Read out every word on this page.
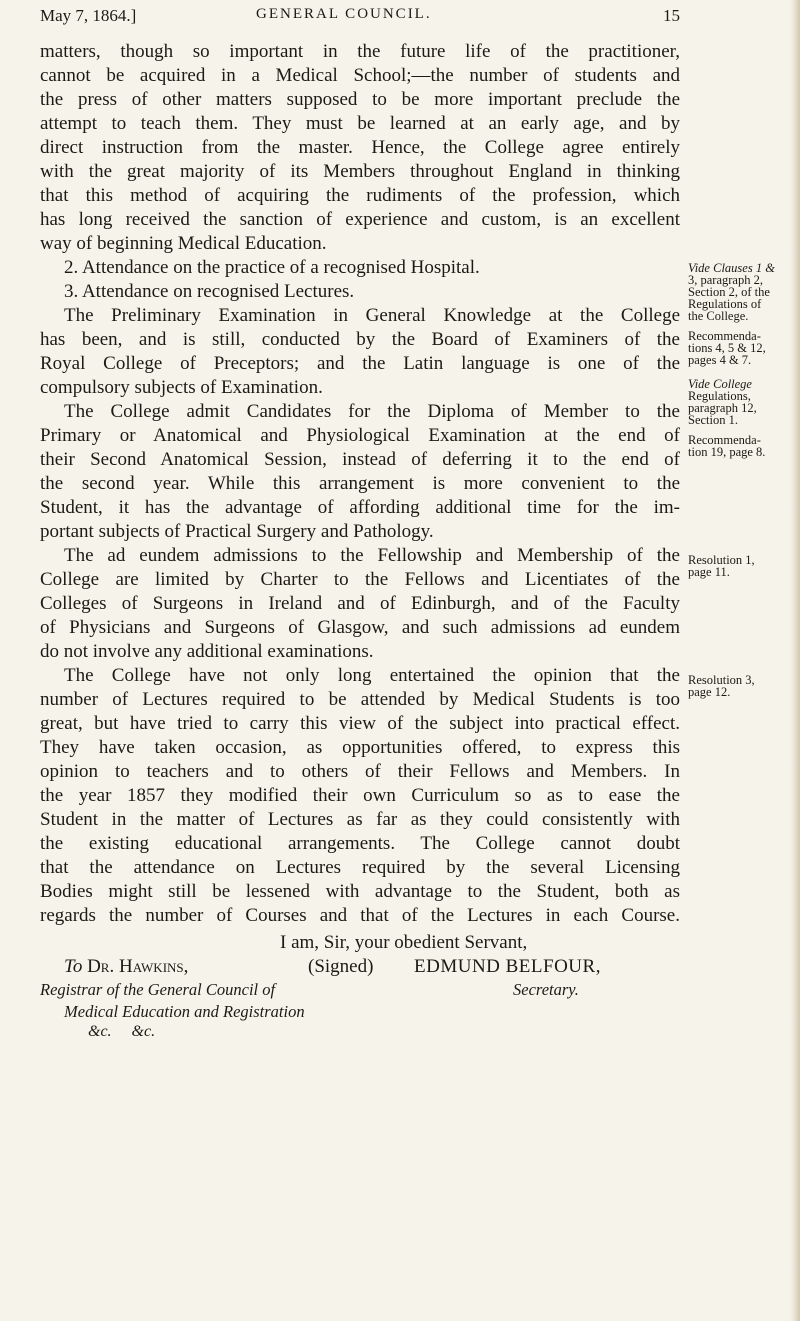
May 7, 1864.]	GENERAL COUNCIL.	15
matters, though so important in the future life of the practitioner,
cannot be acquired in a Medical School;—the number of students and
the press of other matters supposed to be more important preclude the
attempt to teach them. They must be learned at an early age, and by
direct instruction from the master. Hence, the College agree entirely
with the great majority of its Members throughout England in thinking
that this method of acquiring the rudiments of the profession, which
has long received the sanction of experience and custom, is an excellent
way of beginning Medical Education.
2. Attendance on the practice of a recognised Hospital.
3. Attendance on recognised Lectures.
The Preliminary Examination in General Knowledge at the College
has been, and is still, conducted by the Board of Examiners of the
Royal College of Preceptors; and the Latin language is one of the
compulsory subjects of Examination.
The College admit Candidates for the Diploma of Member to the
Primary or Anatomical and Physiological Examination at the end of
their Second Anatomical Session, instead of deferring it to the end of
the second year. While this arrangement is more convenient to the
Student, it has the advantage of affording additional time for the im-
portant subjects of Practical Surgery and Pathology.
The ad eundem admissions to the Fellowship and Membership of the
College are limited by Charter to the Fellows and Licentiates of the
Colleges of Surgeons in Ireland and of Edinburgh, and of the Faculty
of Physicians and Surgeons of Glasgow, and such admissions ad eundem
do not involve any additional examinations.
The College have not only long entertained the opinion that the
number of Lectures required to be attended by Medical Students is too
great, but have tried to carry this view of the subject into practical effect.
They have taken occasion, as opportunities offered, to express this
opinion to teachers and to others of their Fellows and Members. In
the year 1857 they modified their own Curriculum so as to ease the
Student in the matter of Lectures as far as they could consistently with
the existing educational arrangements. The College cannot doubt
that the attendance on Lectures required by the several Licensing
Bodies might still be lessened with advantage to the Student, both as
regards the number of Courses and that of the Lectures in each Course.
Vide Clauses 1 &
3, paragraph 2,
Section 2, of the
Regulations of
the College.
Recommenda-
tions 4, 5 & 12,
pages 4 & 7.
Vide College
Regulations,
paragraph 12,
Section 1.
Recommenda-
tion 19, page 8.
Resolution 1,
page 11.
Resolution 3,
page 12.
I am, Sir, your obedient Servant,
To Dr. Hawkins,	(Signed) EDMUND BELFOUR,
Registrar of the General Council of	Secretary.
Medical Education and Registration
&c.     &c.
